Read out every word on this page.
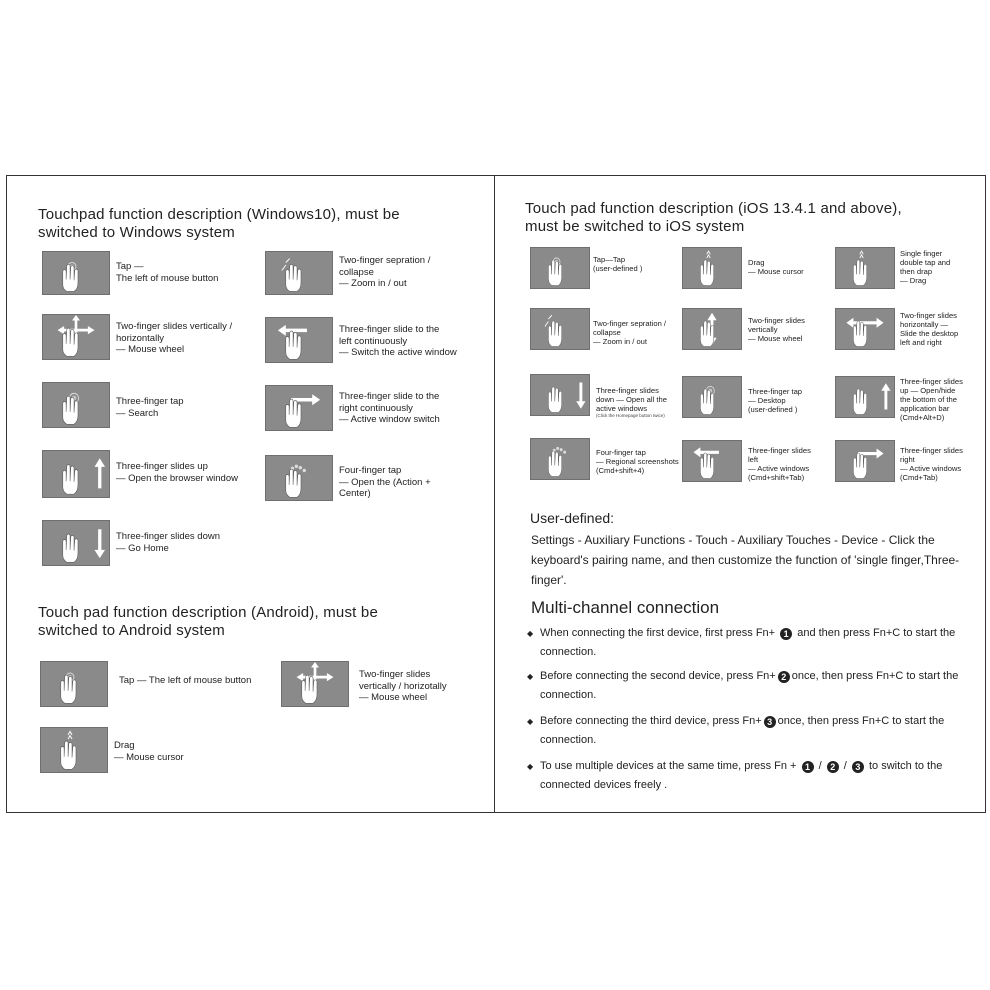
Touchpad function description (Windows10), must be
switched to Windows system
Tap —
The left of mouse button
Two-finger sepration /
collapse
— Zoom in / out
Two-finger slides vertically /
horizontally
— Mouse wheel
Three-finger slide to the
left continuously
— Switch the active window
Three-finger tap
— Search
Three-finger slide to the
right continuously
— Active window switch
Three-finger slides up
— Open the browser window
Four-finger tap
— Open the (Action +
Center)
Three-finger slides down
— Go Home
Touch pad function description (Android), must be
switched to Android system
Tap — The left of mouse button
Two-finger slides
vertically / horizotally
— Mouse wheel
Drag
— Mouse cursor
Touch pad function description (iOS 13.4.1 and above),
must be switched to iOS system
Tap—Tap
(user-defined )
Drag
— Mouse cursor
Single finger
double tap and
then drap
— Drag
Two-finger sepration /
collapse
— Zoom in / out
Two-finger slides
vertically
— Mouse wheel
Two-finger slides
horizontally —
Slide the desktop
left and right

Three-finger slides
down — Open all the
active windows

(Click the Homepage button twice)

Three-finger tap
— Desktop
(user-defined )
Three-finger slides
up — Open/hide
the bottom of the
application bar
(Cmd+Alt+D)
Four-finger tap
— Regional screenshots
(Cmd+shift+4)
Three-finger slides
left
— Active windows
(Cmd+shift+Tab)
Three-finger slides
right
— Active windows
(Cmd+Tab)
User-defined:
Settings - Auxiliary Functions - Touch - Auxiliary Touches - Device - Click the keyboard's pairing name, and then customize the function of 'single finger,Three-finger'.
Multi-channel connection
◆ When connecting the first device, first press Fn+ 1 and then press Fn+C to start the connection.
◆ Before connecting the second device, press Fn+ 2 once, then press Fn+C to start the connection.
◆ Before connecting the third device, press Fn+ 3 once, then press Fn+C to start the connection.
◆ To use multiple devices at the same time, press Fn + 1 / 2 / 3 to switch to the connected devices freely .
